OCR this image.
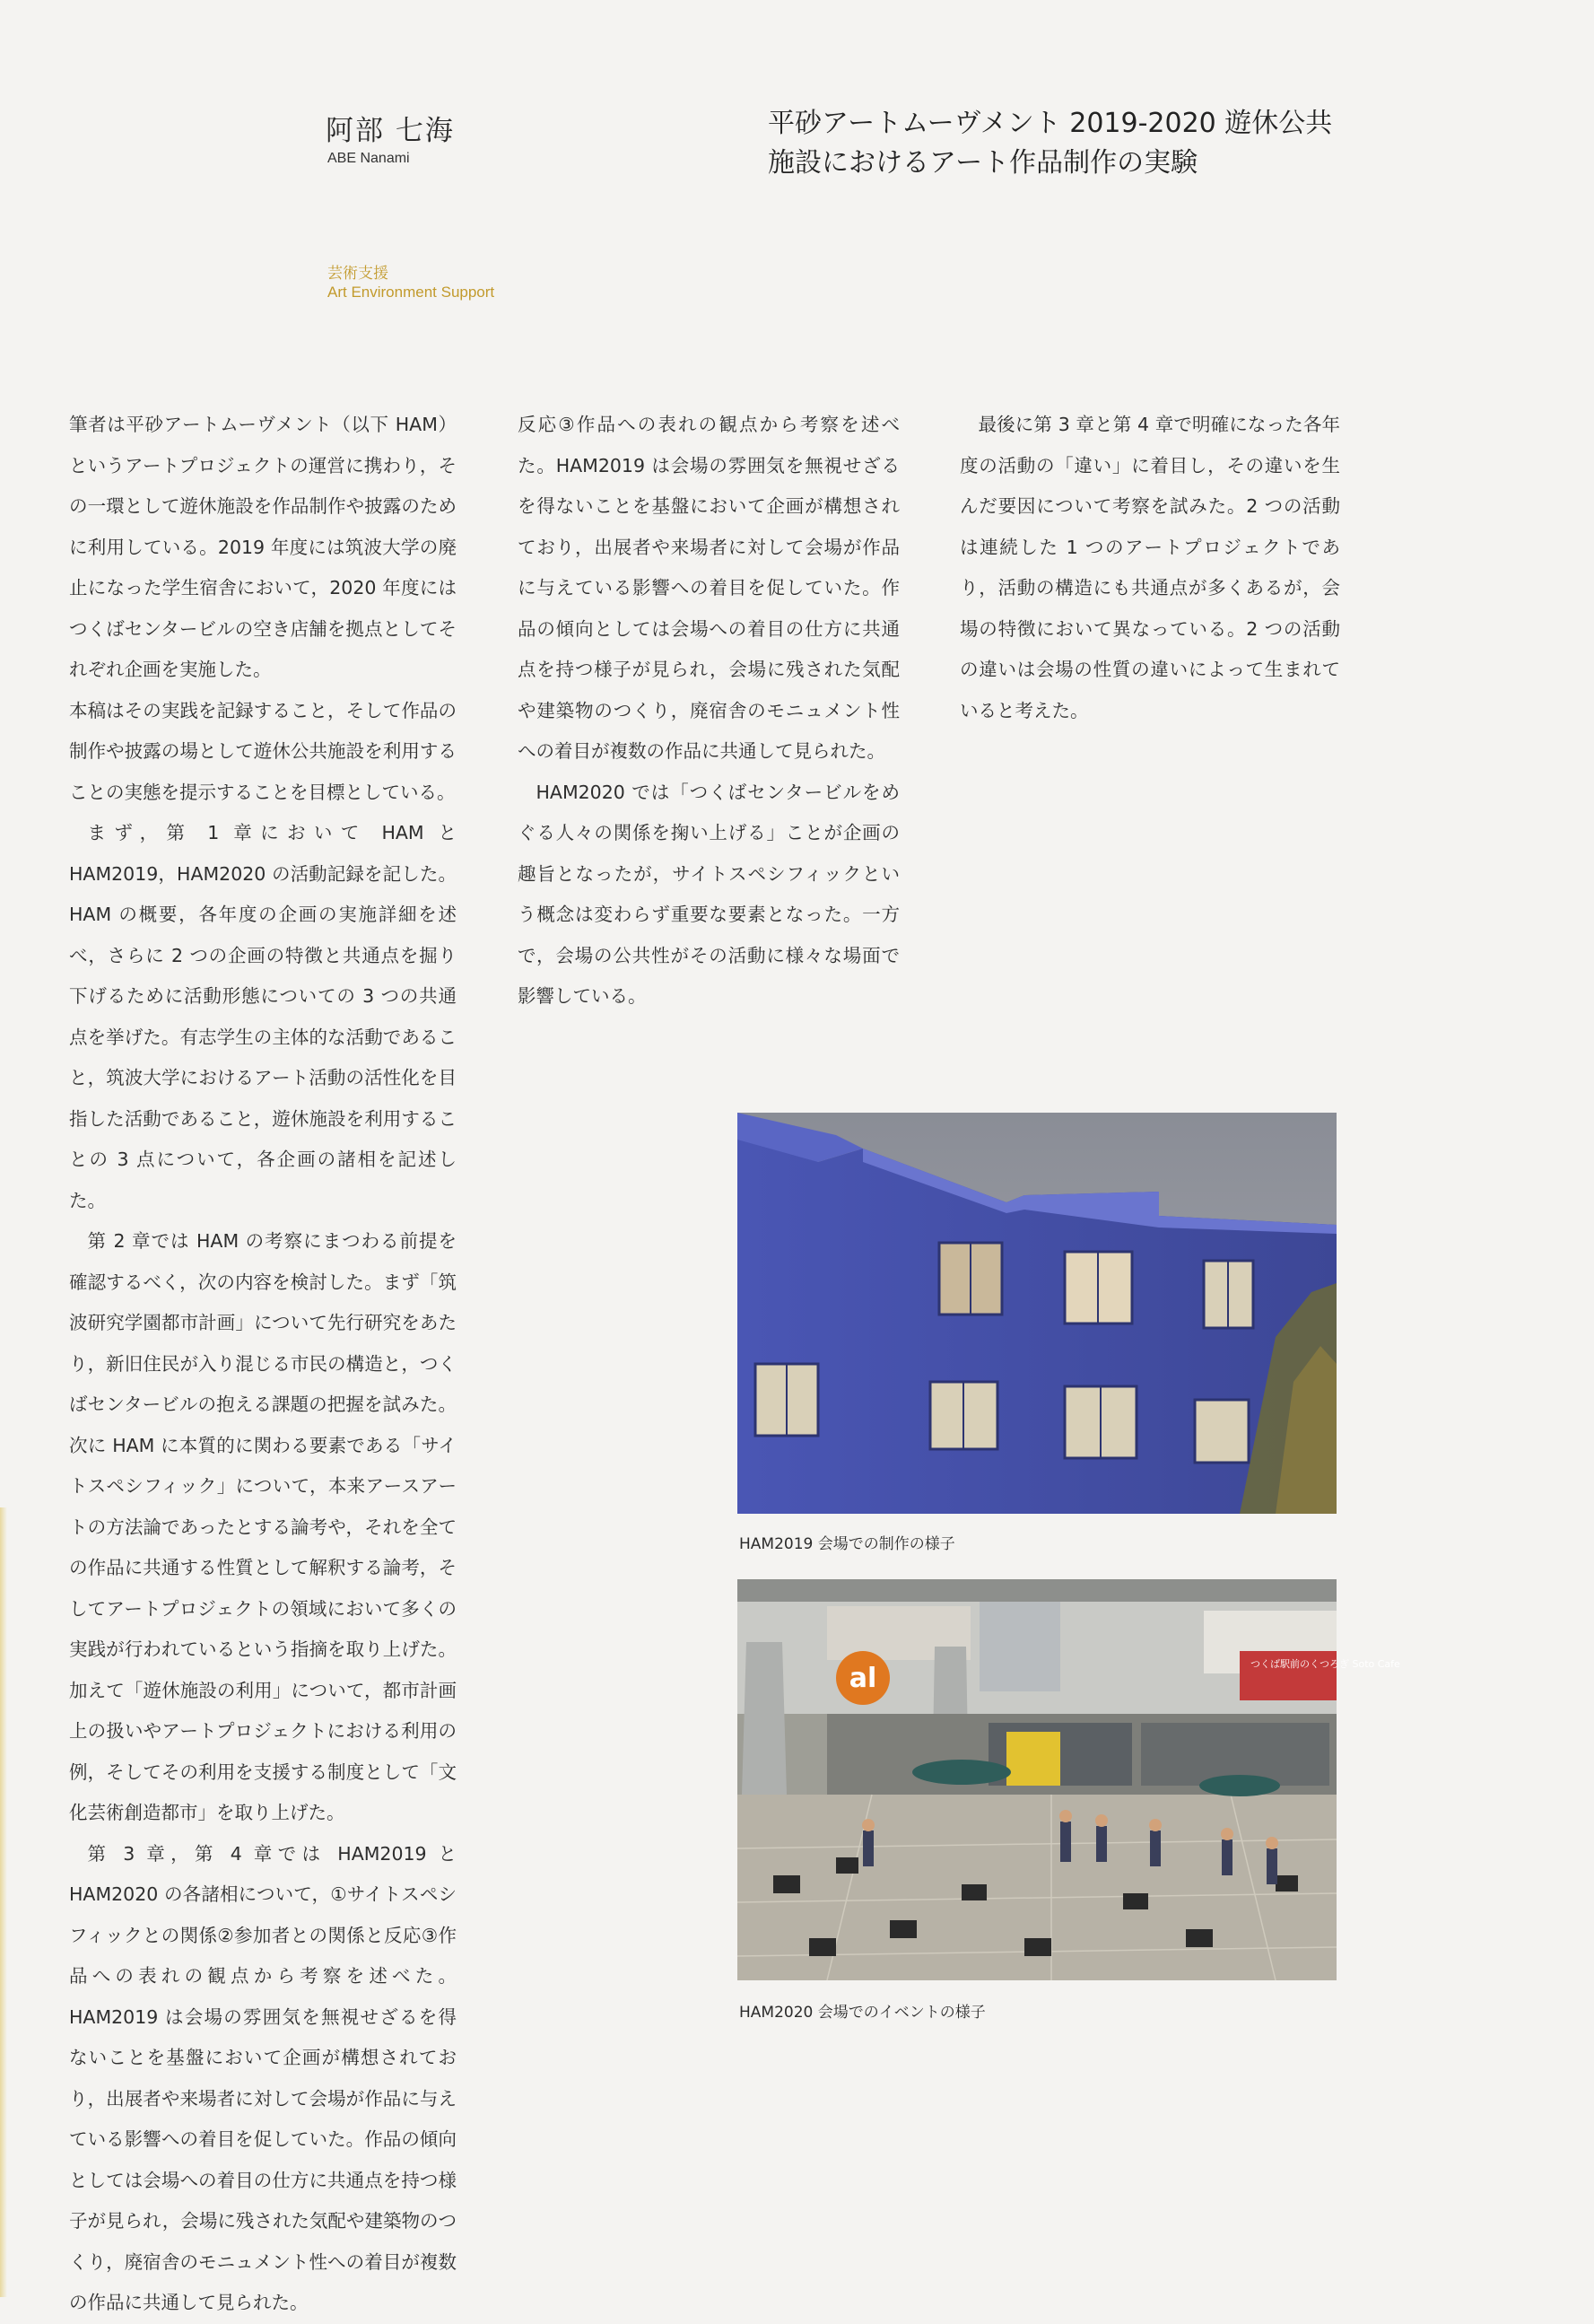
阿部 七海
ABE Nanami
平砂アートムーヴメント 2019-2020 遊休公共
施設におけるアート作品制作の実験
芸術支援
Art Environment Support

筆者は平砂アートムーヴメント（以下 HAM）というアートプロジェクトの運営に携わり，その一環として遊休施設を作品制作や披露のために利用している。2019 年度には筑波大学の廃止になった学生宿舎において，2020 年度にはつくばセンタービルの空き店舗を拠点としてそれぞれ企画を実施した。

本稿はその実践を記録すること，そして作品の制作や披露の場として遊休公共施設を利用することの実態を提示することを目標としている。

まず，第 1 章において HAM と HAM2019，HAM2020 の活動記録を記した。HAM の概要，各年度の企画の実施詳細を述べ，さらに 2 つの企画の特徴と共通点を掘り下げるために活動形態についての 3 つの共通点を挙げた。有志学生の主体的な活動であること，筑波大学におけるアート活動の活性化を目指した活動であること，遊休施設を利用することの 3 点について，各企画の諸相を記述した。

第 2 章では HAM の考察にまつわる前提を確認するべく，次の内容を検討した。まず「筑波研究学園都市計画」について先行研究をあたり，新旧住民が入り混じる市民の構造と，つくばセンタービルの抱える課題の把握を試みた。次に HAM に本質的に関わる要素である「サイトスペシフィック」について，本来アースアートの方法論であったとする論考や，それを全ての作品に共通する性質として解釈する論考，そしてアートプロジェクトの領域において多くの実践が行われているという指摘を取り上げた。加えて「遊休施設の利用」について，都市計画上の扱いやアートプロジェクトにおける利用の例，そしてその利用を支援する制度として「文化芸術創造都市」を取り上げた。

第 3 章，第 4 章では HAM2019 と HAM2020 の各諸相について，①サイトスペシフィックとの関係②参加者との関係と反応③作品への表れの観点から考察を述べた。HAM2019 は会場の雰囲気を無視せざるを得ないことを基盤において企画が構想されており，出展者や来場者に対して会場が作品に与えている影響への着目を促していた。作品の傾向としては会場への着目の仕方に共通点を持つ様子が見られ，会場に残された気配や建築物のつくり，廃宿舎のモニュメント性への着目が複数の作品に共通して見られた。

反応③作品への表れの観点から考察を述べた。HAM2019 は会場の雰囲気を無視せざるを得ないことを基盤において企画が構想されており，出展者や来場者に対して会場が作品に与えている影響への着目を促していた。作品の傾向としては会場への着目の仕方に共通点を持つ様子が見られ，会場に残された気配や建築物のつくり，廃宿舎のモニュメント性への着目が複数の作品に共通して見られた。

HAM2020 では「つくばセンタービルをめぐる人々の関係を掬い上げる」ことが企画の趣旨となったが，サイトスペシフィックという概念は変わらず重要な要素となった。一方で，会場の公共性がその活動に様々な場面で影響している。

最後に第 3 章と第 4 章で明確になった各年度の活動の「違い」に着目し，その違いを生んだ要因について考察を試みた。2 つの活動は連続した 1 つのアートプロジェクトであり，活動の構造にも共通点が多くあるが，会場の特徴において異なっている。2 つの活動の違いは会場の性質の違いによって生まれていると考えた。

HAM2019 会場での制作の様子
つくば駅前のくつろぎ Soto Cafe
al
HAM2020 会場でのイベントの様子
